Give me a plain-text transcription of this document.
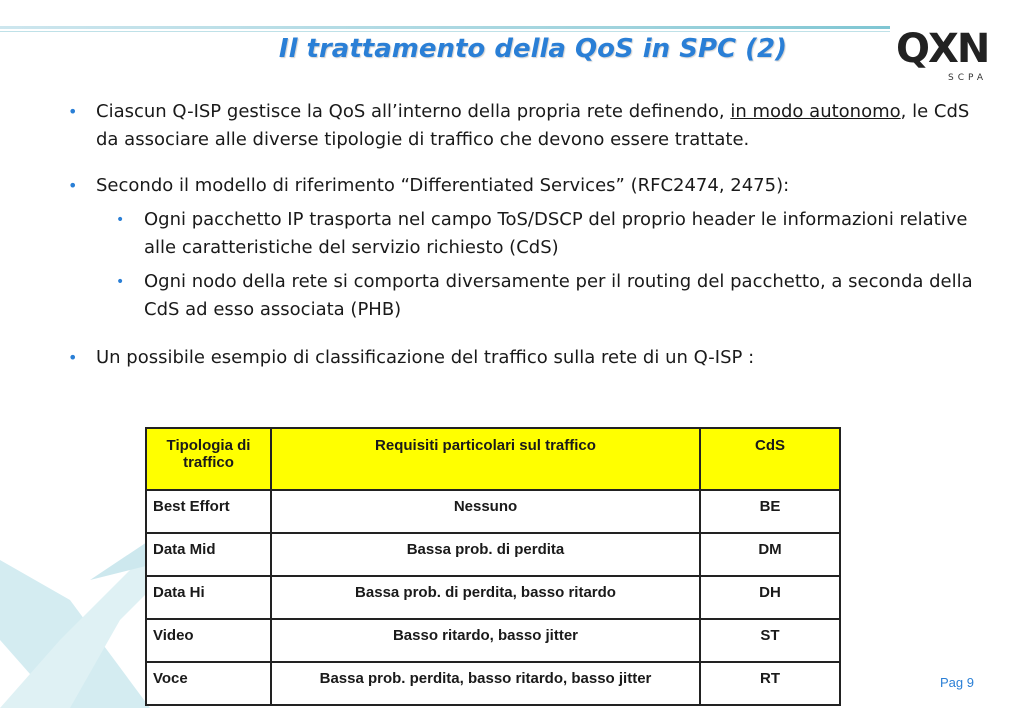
Il trattamento della QoS in SPC (2)	QXN
SCPA

• Ciascun Q-ISP gestisce la QoS all’interno della propria rete definendo, in modo autonomo, le CdS da associare alle diverse tipologie di traffico che devono essere trattate.

• Secondo il modello di riferimento “Differentiated Services” (RFC2474, 2475):

• Ogni pacchetto IP trasporta nel campo ToS/DSCP del proprio header le informazioni relative alle caratteristiche del servizio richiesto (CdS)

• Ogni nodo della rete si comporta diversamente per il routing del pacchetto, a seconda della CdS ad esso associata (PHB)

• Un possibile esempio di classificazione del traffico sulla rete di un Q-ISP :

Tipologia di traffico	Requisiti particolari sul traffico	CdS
Best Effort	Nessuno	BE
Data Mid	Bassa prob. di perdita	DM
Data Hi	Bassa prob. di perdita, basso ritardo	DH
Video	Basso ritardo, basso jitter	ST
Voce	Bassa prob. perdita, basso ritardo, basso jitter	RT	Pag 9
